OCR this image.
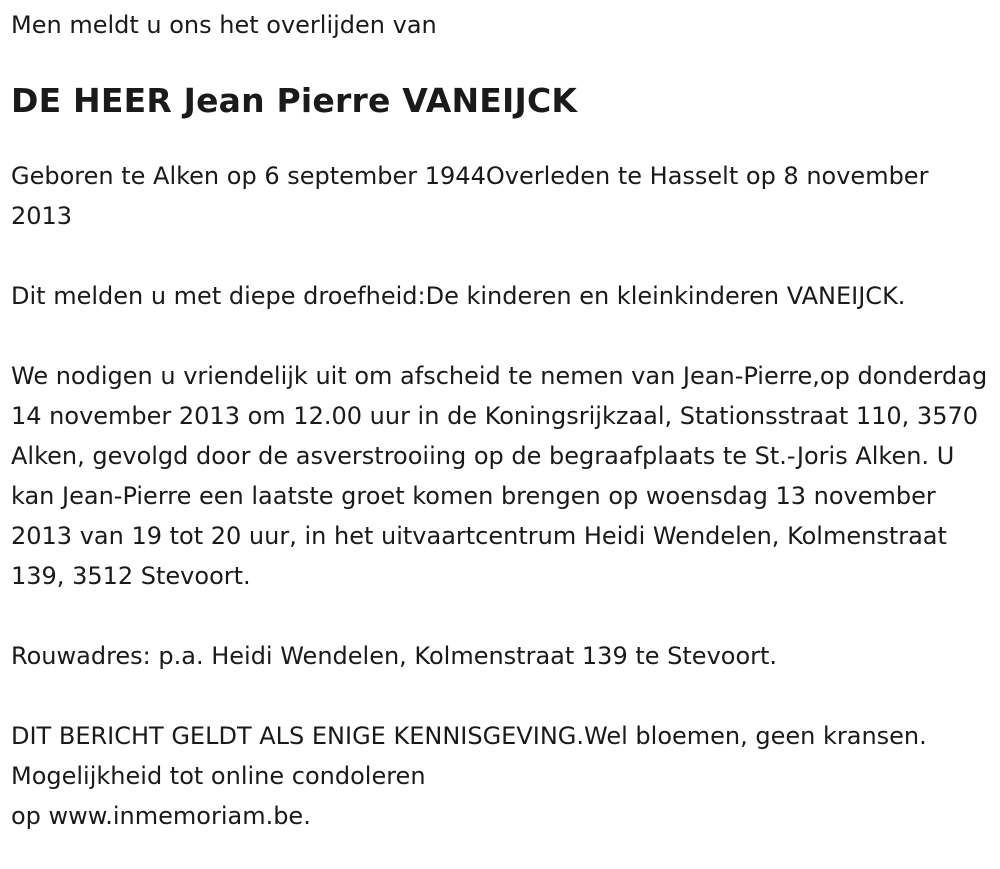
Men meldt u ons het overlijden van

DE HEER Jean Pierre VANEIJCK

Geboren te Alken op 6 september 1944Overleden te Hasselt op 8 november 2013

Dit melden u met diepe droefheid:De kinderen en kleinkinderen VANEIJCK.

We nodigen u vriendelijk uit om afscheid te nemen van Jean-Pierre,op donderdag 14 november 2013 om 12.00 uur in de Koningsrijkzaal, Stationsstraat 110, 3570 Alken, gevolgd door de asverstrooiing op de begraafplaats te St.-Joris Alken. U kan Jean-Pierre een laatste groet komen brengen op woensdag 13 november 2013 van 19 tot 20 uur, in het uitvaartcentrum Heidi Wendelen, Kolmenstraat 139, 3512 Stevoort.

Rouwadres: p.a. Heidi Wendelen, Kolmenstraat 139 te Stevoort.

DIT BERICHT GELDT ALS ENIGE KENNISGEVING.Wel bloemen, geen kransen. Mogelijkheid tot online condoleren

op www.inmemoriam.be.
